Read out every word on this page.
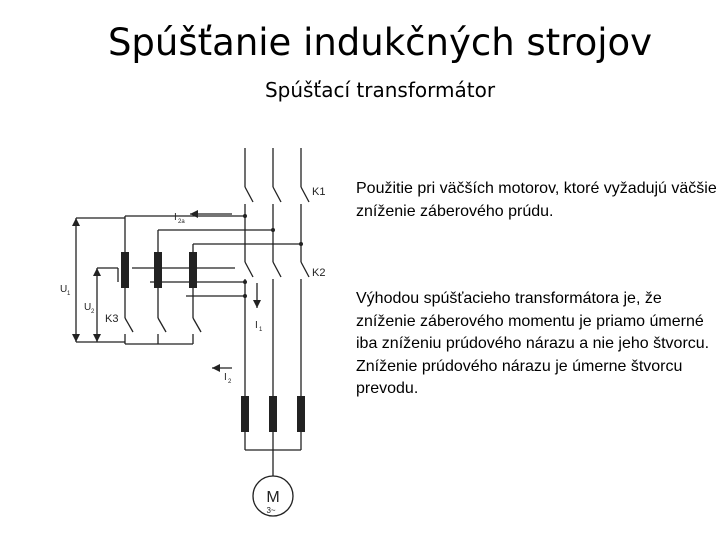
Spúšťanie indukčných strojov
Spúšťací transformátor
M
3~
K1
K2
K3
U 1
U 2
I 2a
I 1
I 2
Použitie pri väčších motorov, ktoré vyžadujú väčšie zníženie záberového prúdu.
Výhodou spúšťacieho transformátora je, že zníženie záberového momentu je priamo úmerné iba zníženiu prúdového nárazu a nie jeho štvorcu. Zníženie prúdového nárazu je úmerne štvorcu prevodu.
